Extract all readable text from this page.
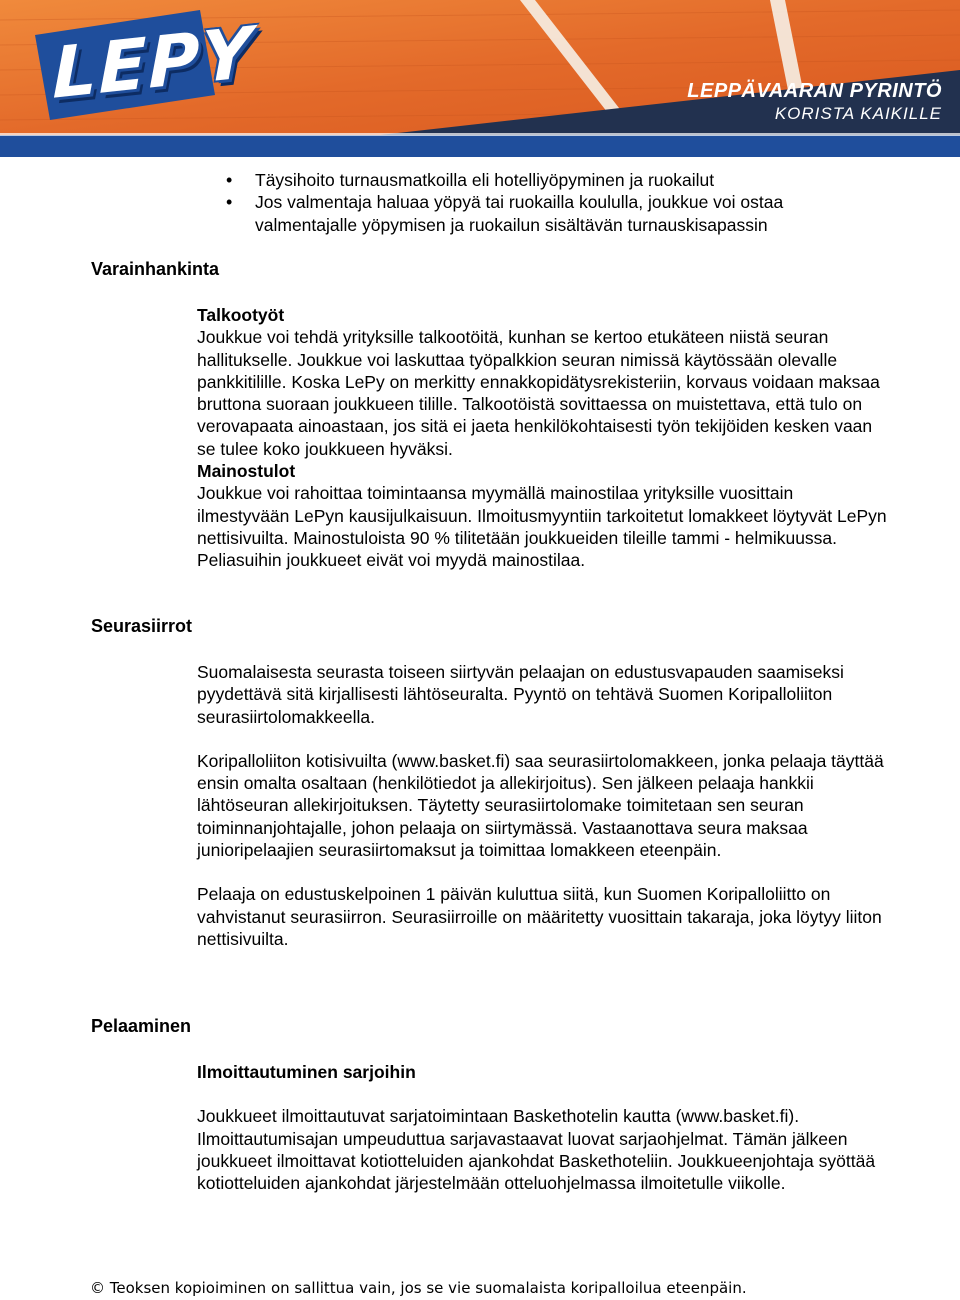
LEPY	LEPPÄVAARAN PYRINTÖ
KORISTA KAIKILLE
• Täysihoito turnausmatkoilla eli hotelliyöpyminen ja ruokailut
• Jos valmentaja haluaa yöpyä tai ruokailla koululla, joukkue voi ostaa valmentajalle yöpymisen ja ruokailun sisältävän turnauskisapassin
Varainhankinta

Talkootyöt

Joukkue voi tehdä yrityksille talkootöitä, kunhan se kertoo etukäteen niistä seuran hallitukselle. Joukkue voi laskuttaa työpalkkion seuran nimissä käytössään olevalle pankkitilille. Koska LePy on merkitty ennakkopidätysrekisteriin, korvaus voidaan maksaa bruttona suoraan joukkueen tilille. Talkootöistä sovittaessa on muistettava, että tulo on verovapaata ainoastaan, jos sitä ei jaeta henkilökohtaisesti työn tekijöiden kesken vaan se tulee koko joukkueen hyväksi.

Mainostulot

Joukkue voi rahoittaa toimintaansa myymällä mainostilaa yrityksille vuosittain ilmestyvään LePyn kausijulkaisuun. Ilmoitusmyyntiin tarkoitetut lomakkeet löytyvät LePyn nettisivuilta. Mainostuloista 90 % tilitetään joukkueiden tileille tammi - helmikuussa. Peliasuihin joukkueet eivät voi myydä mainostilaa.

Seurasiirrot

Suomalaisesta seurasta toiseen siirtyvän pelaajan on edustusvapauden saamiseksi pyydettävä sitä kirjallisesti lähtöseuralta. Pyyntö on tehtävä Suomen Koripalloliiton seurasiirtolomakkeella.

Koripalloliiton kotisivuilta (www.basket.fi) saa seurasiirtolomakkeen, jonka pelaaja täyttää ensin omalta osaltaan (henkilötiedot ja allekirjoitus). Sen jälkeen pelaaja hankkii lähtöseuran allekirjoituksen. Täytetty seurasiirtolomake toimitetaan sen seuran toiminnanjohtajalle, johon pelaaja on siirtymässä. Vastaanottava seura maksaa junioripelaajien seurasiirtomaksut ja toimittaa lomakkeen eteenpäin.

Pelaaja on edustuskelpoinen 1 päivän kuluttua siitä, kun Suomen Koripalloliitto on vahvistanut seurasiirron. Seurasiirroille on määritetty vuosittain takaraja, joka löytyy liiton nettisivuilta.

Pelaaminen

Ilmoittautuminen sarjoihin

Joukkueet ilmoittautuvat sarjatoimintaan Baskethotelin kautta (www.basket.fi). Ilmoittautumisajan umpeuduttua sarjavastaavat luovat sarjaohjelmat. Tämän jälkeen joukkueet ilmoittavat kotiotteluiden ajankohdat Baskethoteliin. Joukkueenjohtaja syöttää kotiotteluiden ajankohdat järjestelmään otteluohjelmassa ilmoitetulle viikolle.

© Teoksen kopioiminen on sallittua vain, jos se vie suomalaista koripalloilua eteenpäin.
